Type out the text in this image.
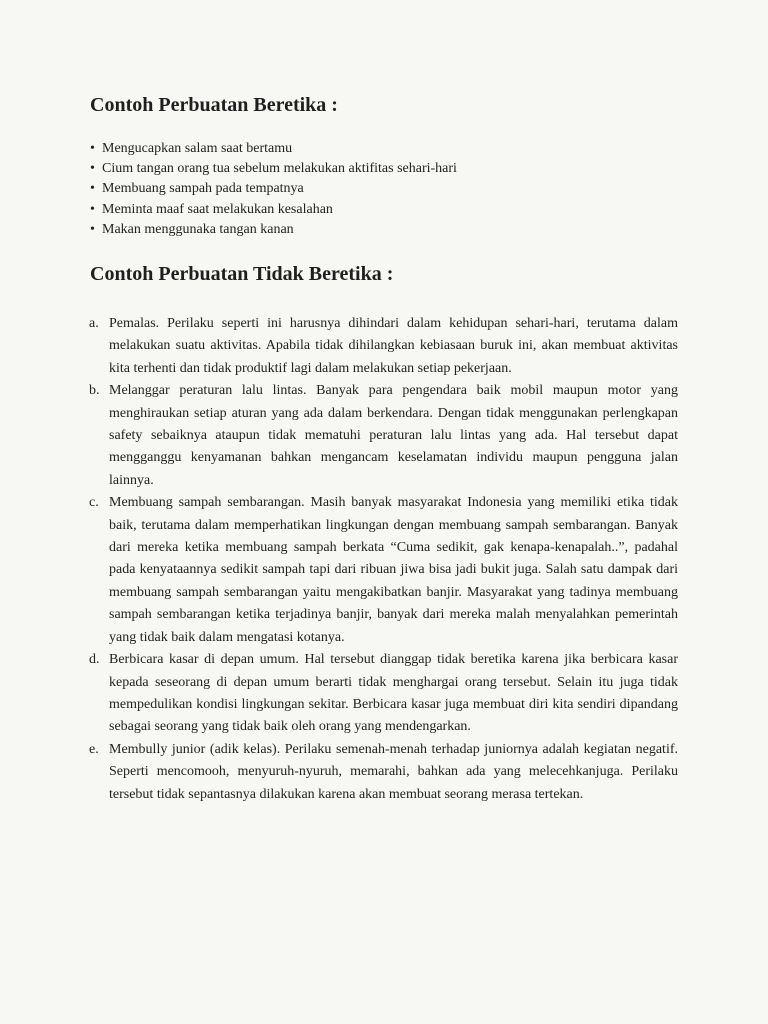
Contoh Perbuatan Beretika :
• Mengucapkan salam saat bertamu
• Cium tangan orang tua sebelum melakukan aktifitas sehari-hari
• Membuang sampah pada tempatnya
• Meminta maaf saat melakukan kesalahan
• Makan menggunaka tangan kanan
Contoh Perbuatan Tidak Beretika :
a. Pemalas. Perilaku seperti ini harusnya dihindari dalam kehidupan sehari-hari, terutama dalam melakukan suatu aktivitas. Apabila tidak dihilangkan kebiasaan buruk ini, akan membuat aktivitas kita terhenti dan tidak produktif lagi dalam melakukan setiap pekerjaan.
b. Melanggar peraturan lalu lintas. Banyak para pengendara baik mobil maupun motor yang menghiraukan setiap aturan yang ada dalam berkendara. Dengan tidak menggunakan perlengkapan safety sebaiknya ataupun tidak mematuhi peraturan lalu lintas yang ada. Hal tersebut dapat mengganggu kenyamanan bahkan mengancam keselamatan individu maupun pengguna jalan lainnya.
c. Membuang sampah sembarangan. Masih banyak masyarakat Indonesia yang memiliki etika tidak baik, terutama dalam memperhatikan lingkungan dengan membuang sampah sembarangan. Banyak dari mereka ketika membuang sampah berkata “Cuma sedikit, gak kenapa-kenapalah..”, padahal pada kenyataannya sedikit sampah tapi dari ribuan jiwa bisa jadi bukit juga. Salah satu dampak dari membuang sampah sembarangan yaitu mengakibatkan banjir. Masyarakat yang tadinya membuang sampah sembarangan ketika terjadinya banjir, banyak dari mereka malah menyalahkan pemerintah yang tidak baik dalam mengatasi kotanya.
d. Berbicara kasar di depan umum. Hal tersebut dianggap tidak beretika karena jika berbicara kasar kepada seseorang di depan umum berarti tidak menghargai orang tersebut. Selain itu juga tidak mempedulikan kondisi lingkungan sekitar. Berbicara kasar juga membuat diri kita sendiri dipandang sebagai seorang yang tidak baik oleh orang yang mendengarkan.
e. Membully junior (adik kelas). Perilaku semenah-menah terhadap juniornya adalah kegiatan negatif. Seperti mencomooh, menyuruh-nyuruh, memarahi, bahkan ada yang melecehkanjuga. Perilaku tersebut tidak sepantasnya dilakukan karena akan membuat seorang merasa tertekan.
